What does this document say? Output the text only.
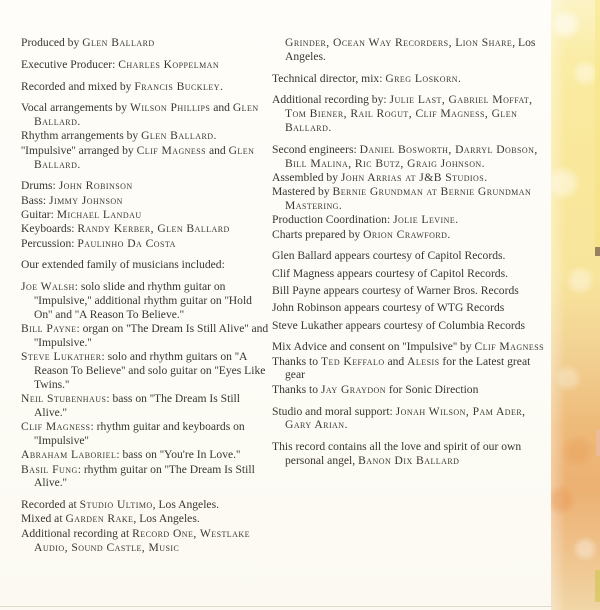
Produced by Glen Ballard

Executive Producer: Charles Koppelman

Recorded and mixed by Francis Buckley.

Vocal arrangements by Wilson Phillips and Glen Ballard.

Rhythm arrangements by Glen Ballard.

''Impulsive'' arranged by Clif Magness and Glen Ballard.

Drums: John Robinson

Bass: Jimmy Johnson

Guitar: Michael Landau

Keyboards: Randy Kerber, Glen Ballard

Percussion: Paulinho Da Costa

Our extended family of musicians included:

Joe Walsh: solo slide and rhythm guitar on ''Impulsive,'' additional rhythm guitar on ''Hold On'' and ''A Reason To Believe.''

Bill Payne: organ on ''The Dream Is Still Alive'' and ''Impulsive.''

Steve Lukather: solo and rhythm guitars on ''A Reason To Believe'' and solo guitar on ''Eyes Like Twins.''

Neil Stubenhaus: bass on ''The Dream Is Still Alive.''

Clif Magness: rhythm guitar and keyboards on ''Impulsive''

Abraham Laboriel: bass on ''You're In Love.''

Basil Fung: rhythm guitar on ''The Dream Is Still Alive.''

Recorded at Studio Ultimo, Los Angeles.

Mixed at Garden Rake, Los Angeles.

Additional recording at Record One, Westlake Audio, Sound Castle, Music

Grinder, Ocean Way Recorders, Lion Share, Los Angeles.

Technical director, mix: Greg Loskorn.

Additional recording by: Julie Last, Gabriel Moffat, Tom Biener, Rail Rogut, Clif Magness, Glen Ballard.

Second engineers: Daniel Bosworth, Darryl Dobson, Bill Malina, Ric Butz, Graig Johnson.

Assembled by John Arrias at J&B Studios.

Mastered by Bernie Grundman at Bernie Grundman Mastering.

Production Coordination: Jolie Levine.

Charts prepared by Orion Crawford.

Glen Ballard appears courtesy of Capitol Records.

Clif Magness appears courtesy of Capitol Records.

Bill Payne appears courtesy of Warner Bros. Records

John Robinson appears courtesy of WTG Records

Steve Lukather appears courtesy of Columbia Records

Mix Advice and consent on ''Impulsive'' by Clif Magness

Thanks to Ted Keffalo and Alesis for the Latest great gear

Thanks to Jay Graydon for Sonic Direction

Studio and moral support: Jonah Wilson, Pam Ader, Gary Arian.

This record contains all the love and spirit of our own personal angel, Banon Dix Ballard
